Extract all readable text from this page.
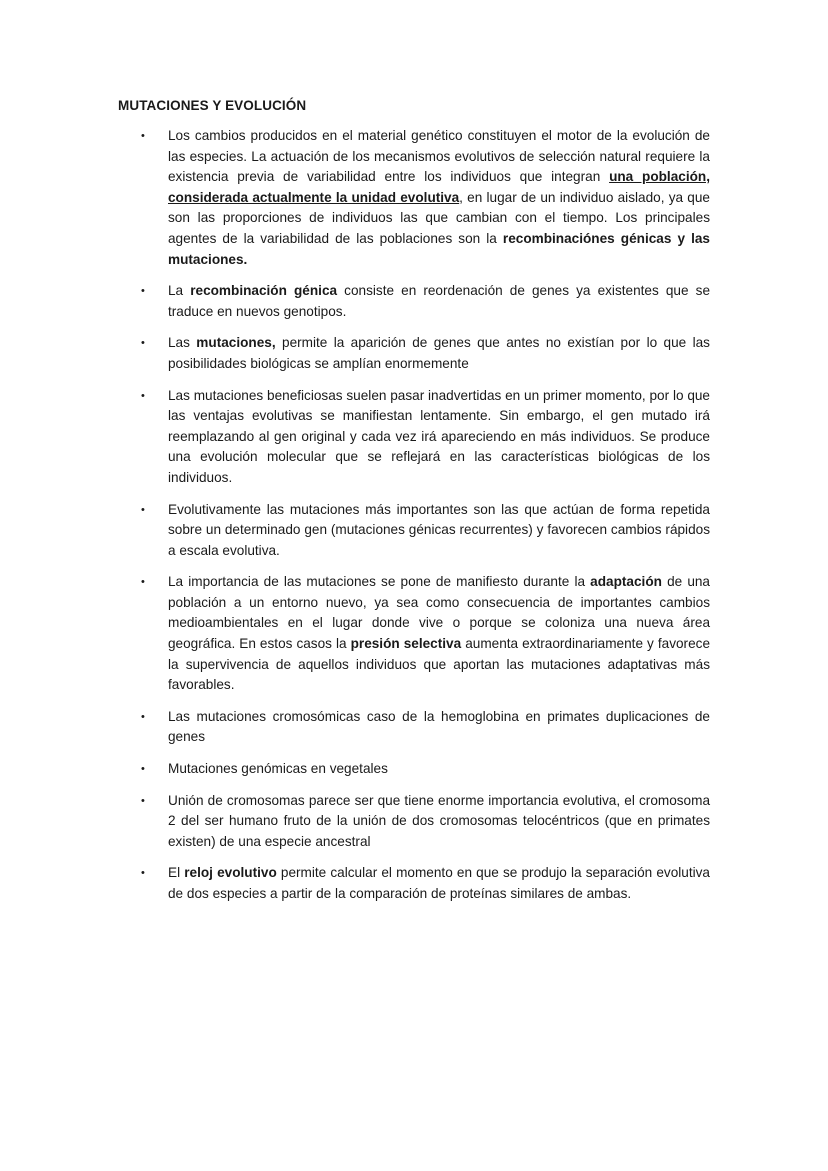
MUTACIONES Y EVOLUCIÓN
• Los cambios producidos en el material genético constituyen el motor de la evolución de las especies. La actuación de los mecanismos evolutivos de selección natural requiere la existencia previa de variabilidad entre los individuos que integran una población, considerada actualmente la unidad evolutiva, en lugar de un individuo aislado, ya que son las proporciones de individuos las que cambian con el tiempo. Los principales agentes de la variabilidad de las poblaciones son la recombinaciónes génicas y las mutaciones.
• La recombinación génica consiste en reordenación de genes ya existentes que se traduce en nuevos genotipos.
• Las mutaciones, permite la aparición de genes que antes no existían por lo que las posibilidades biológicas se amplían enormemente
• Las mutaciones beneficiosas suelen pasar inadvertidas en un primer momento, por lo que las ventajas evolutivas se manifiestan lentamente. Sin embargo, el gen mutado irá reemplazando al gen original y cada vez irá apareciendo en más individuos. Se produce una evolución molecular que se reflejará en las características biológicas de los individuos.
• Evolutivamente las mutaciones más importantes son las que actúan de forma repetida sobre un determinado gen (mutaciones génicas recurrentes) y favorecen cambios rápidos a escala evolutiva.
• La importancia de las mutaciones se pone de manifiesto durante la adaptación de una población a un entorno nuevo, ya sea como consecuencia de importantes cambios medioambientales en el lugar donde vive o porque se coloniza una nueva área geográfica. En estos casos la presión selectiva aumenta extraordinariamente y favorece la supervivencia de aquellos individuos que aportan las mutaciones adaptativas más favorables.
• Las mutaciones cromosómicas caso de la hemoglobina en primates duplicaciones de genes
• Mutaciones genómicas en vegetales
• Unión de cromosomas parece ser que tiene enorme importancia evolutiva, el cromosoma 2 del ser humano fruto de la unión de dos cromosomas telocéntricos (que en primates existen) de una especie ancestral
• El reloj evolutivo permite calcular el momento en que se produjo la separación evolutiva de dos especies a partir de la comparación de proteínas similares de ambas.
